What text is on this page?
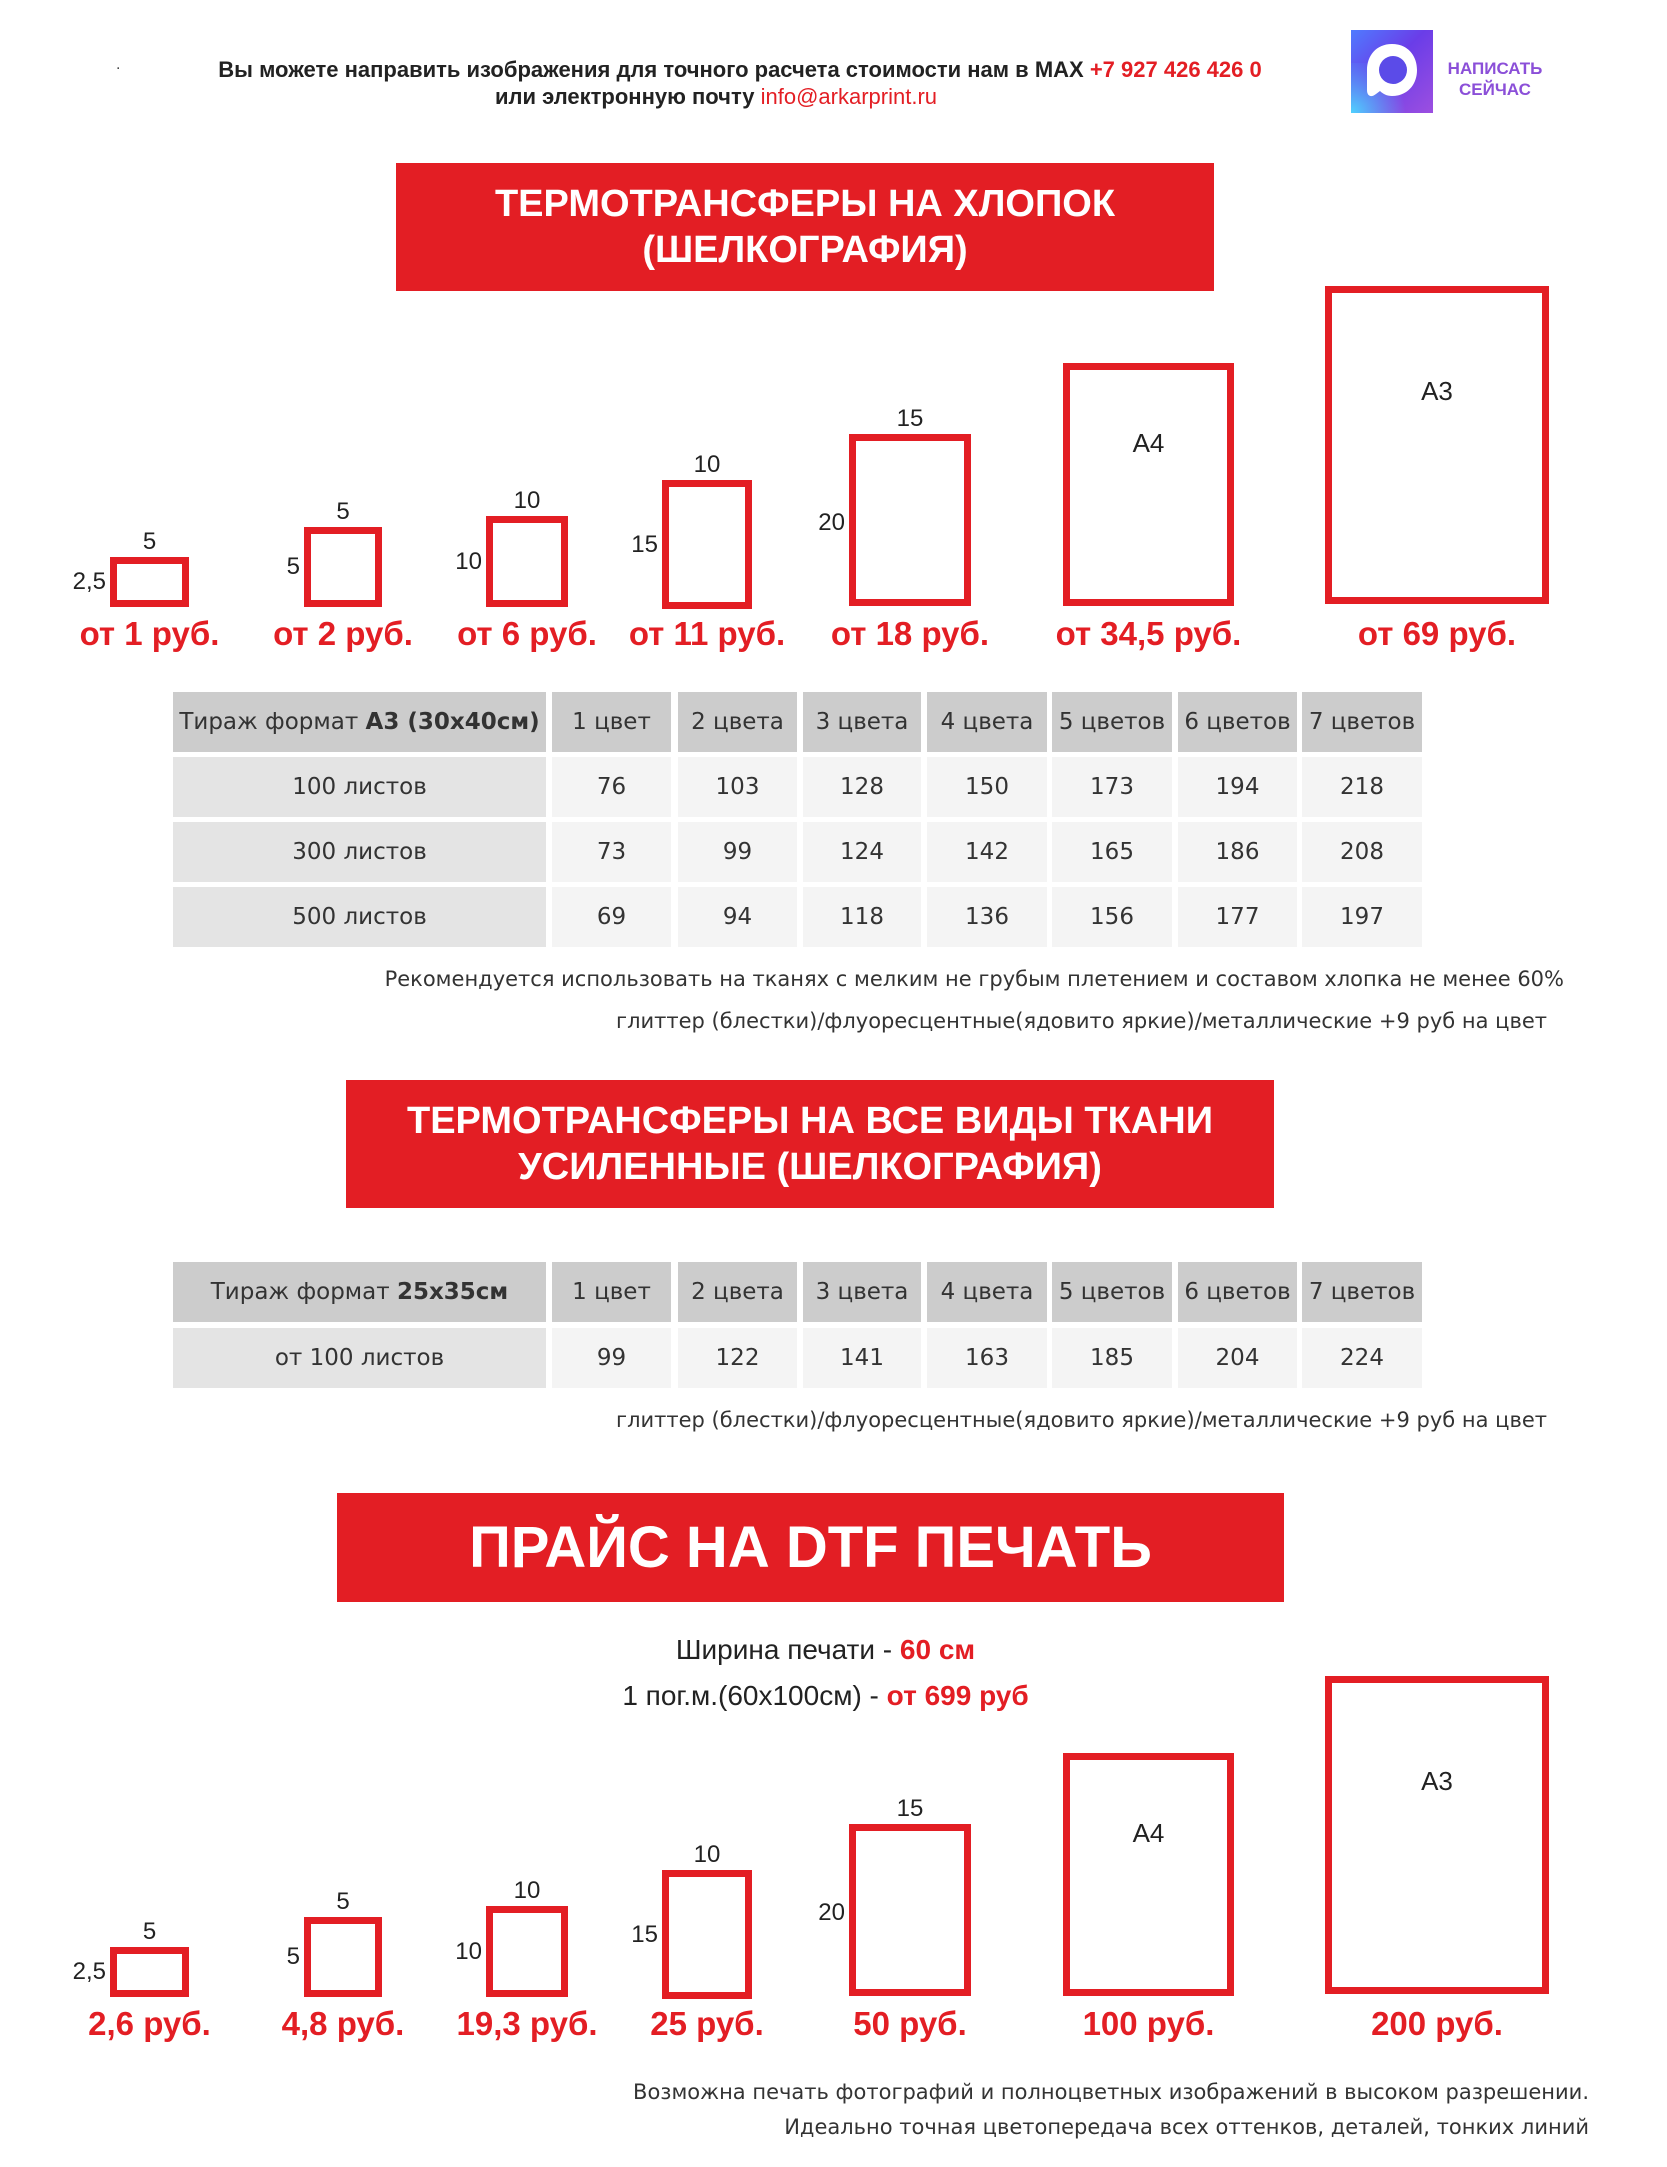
.	Вы можете направить изображения для точного расчета стоимости нам в MAX +7 927 426 426 0
или электронную почту info@arkarprint.ru
НАПИСАТЬ
СЕЙЧАС
ТЕРМОТРАНСФЕРЫ НА ХЛОПОК
(ШЕЛКОГРАФИЯ)
5
2,5
от 1 руб.
5
5
от 2 руб.
10
10
от 6 руб.
10
15
от 11 руб.
15
20
от 18 руб.
А4
от 34,5 руб.
А3
от 69 руб.
Тираж формат А3 (30х40см)	1 цвет	2 цвета	3 цвета	4 цвета	5 цветов 6 цветов 7 цветов
100 листов	76	103	128	150	173	194	218
300 листов	73	99	124	142	165	186	208
500 листов	69	94	118	136	156	177	197
Рекомендуется использовать на тканях с мелким не грубым плетением и составом хлопка не менее 60%
глиттер (блестки)/флуоресцентные(ядовито яркие)/металлические +9 руб на цвет
ТЕРМОТРАНСФЕРЫ НА ВСЕ ВИДЫ ТКАНИ
УСИЛЕННЫЕ (ШЕЛКОГРАФИЯ)
Тираж формат 25х35см	1 цвет	2 цвета	3 цвета	4 цвета	5 цветов 6 цветов 7 цветов
от 100 листов	99	122	141	163	185	204	224
глиттер (блестки)/флуоресцентные(ядовито яркие)/металлические +9 руб на цвет
ПРАЙС НА DTF ПЕЧАТЬ
Ширина печати - 60 см
1 пог.м.(60х100см) - от 699 руб
5
2,5
2,6 руб.
5
5
4,8 руб.
10
10
19,3 руб.
10
15
25 руб.
15
20
50 руб.
А4
100 руб.
А3
200 руб.
Возможна печать фотографий и полноцветных изображений в высоком разрешении.
Идеально точная цветопередача всех оттенков, деталей, тонких линий
